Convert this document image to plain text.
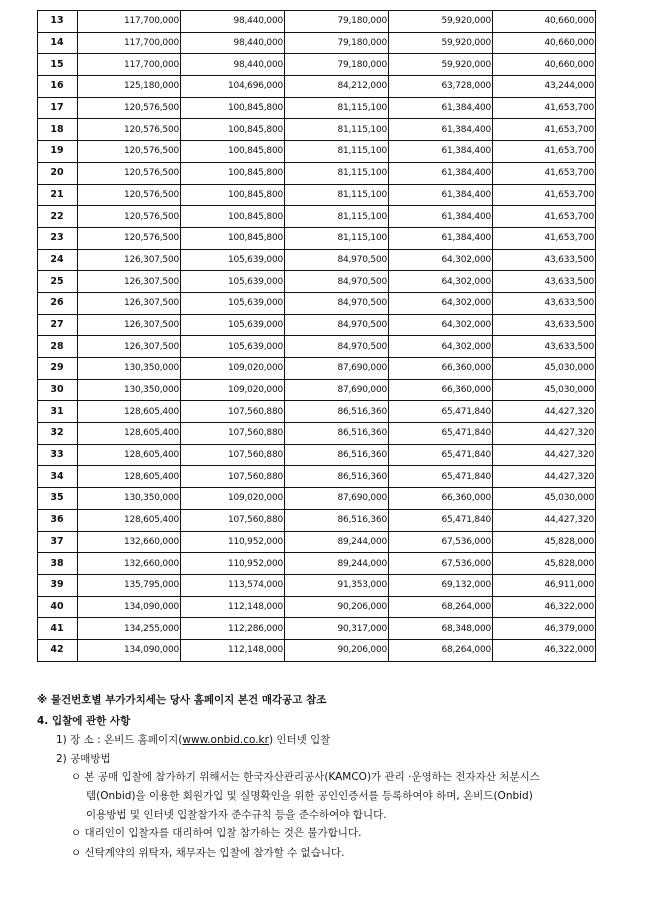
13	117,700,000	98,440,000	79,180,000	59,920,000	40,660,000
14	117,700,000	98,440,000	79,180,000	59,920,000	40,660,000
15	117,700,000	98,440,000	79,180,000	59,920,000	40,660,000
16	125,180,000	104,696,000	84,212,000	63,728,000	43,244,000
17	120,576,500	100,845,800	81,115,100	61,384,400	41,653,700
18	120,576,500	100,845,800	81,115,100	61,384,400	41,653,700
19	120,576,500	100,845,800	81,115,100	61,384,400	41,653,700
20	120,576,500	100,845,800	81,115,100	61,384,400	41,653,700
21	120,576,500	100,845,800	81,115,100	61,384,400	41,653,700
22	120,576,500	100,845,800	81,115,100	61,384,400	41,653,700
23	120,576,500	100,845,800	81,115,100	61,384,400	41,653,700
24	126,307,500	105,639,000	84,970,500	64,302,000	43,633,500
25	126,307,500	105,639,000	84,970,500	64,302,000	43,633,500
26	126,307,500	105,639,000	84,970,500	64,302,000	43,633,500
27	126,307,500	105,639,000	84,970,500	64,302,000	43,633,500
28	126,307,500	105,639,000	84,970,500	64,302,000	43,633,500
29	130,350,000	109,020,000	87,690,000	66,360,000	45,030,000
30	130,350,000	109,020,000	87,690,000	66,360,000	45,030,000
31	128,605,400	107,560,880	86,516,360	65,471,840	44,427,320
32	128,605,400	107,560,880	86,516,360	65,471,840	44,427,320
33	128,605,400	107,560,880	86,516,360	65,471,840	44,427,320
34	128,605,400	107,560,880	86,516,360	65,471,840	44,427,320
35	130,350,000	109,020,000	87,690,000	66,360,000	45,030,000
36	128,605,400	107,560,880	86,516,360	65,471,840	44,427,320
37	132,660,000	110,952,000	89,244,000	67,536,000	45,828,000
38	132,660,000	110,952,000	89,244,000	67,536,000	45,828,000
39	135,795,000	113,574,000	91,353,000	69,132,000	46,911,000
40	134,090,000	112,148,000	90,206,000	68,264,000	46,322,000
41	134,255,000	112,286,000	90,317,000	68,348,000	46,379,000
42	134,090,000	112,148,000	90,206,000	68,264,000	46,322,000
※ 물건번호별 부가가치세는 당사 홈페이지 본건 매각공고 참조
4. 입찰에 관한 사항
1) 장 소 : 온비드 홈페이지(www.onbid.co.kr) 인터넷 입찰
2) 공매방법
ㅇ 본 공매 입찰에 참가하기 위해서는 한국자산관리공사(KAMCO)가 관리 ·운영하는 전자자산 처분시스
템(Onbid)을 이용한 회원가입 및 실명확인을 위한 공인인증서를 등록하여야 하며, 온비드(Onbid)
이용방법 및 인터넷 입찰참가자 준수규칙 등을 준수하여야 합니다.
ㅇ 대리인이 입찰자를 대리하여 입찰 참가하는 것은 불가합니다.
ㅇ 신탁계약의 위탁자, 채무자는 입찰에 참가할 수 없습니다.
